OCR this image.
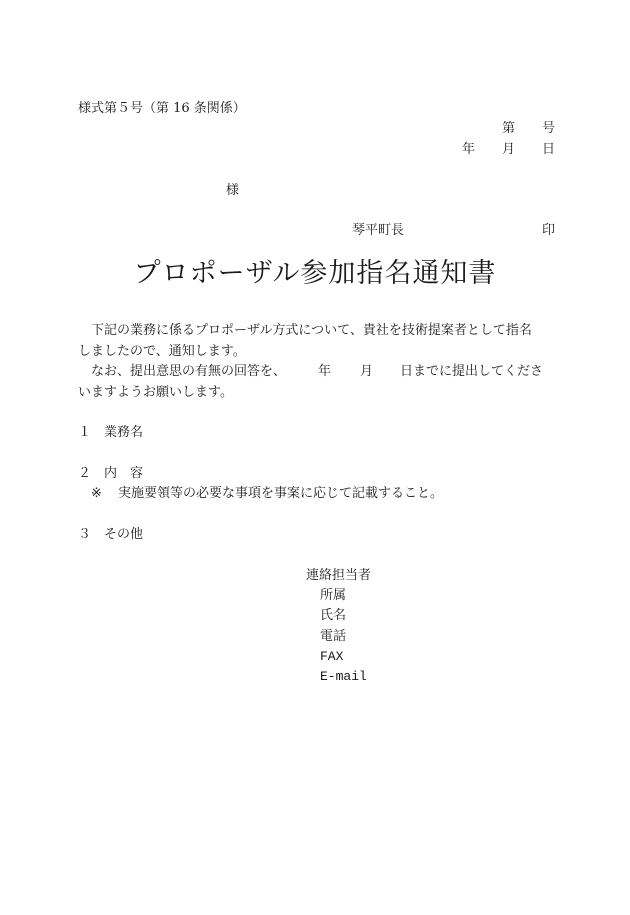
様式第５号（第 16 条関係）
第 号
年 月 日
様
琴平町長	印
プロポーザル参加指名通知書
下記の業務に係るプロポーザル方式について、貴社を技術提案者として指名
しましたので、通知します。
なお、提出意思の有無の回答を、 年 月 日までに提出してくださ
いますようお願いします。
１ 業務名
２ 内　容
※ 実施要領等の必要な事項を事案に応じて記載すること。
３ その他
連絡担当者
所属
氏名
電話
FAX
E-mail
